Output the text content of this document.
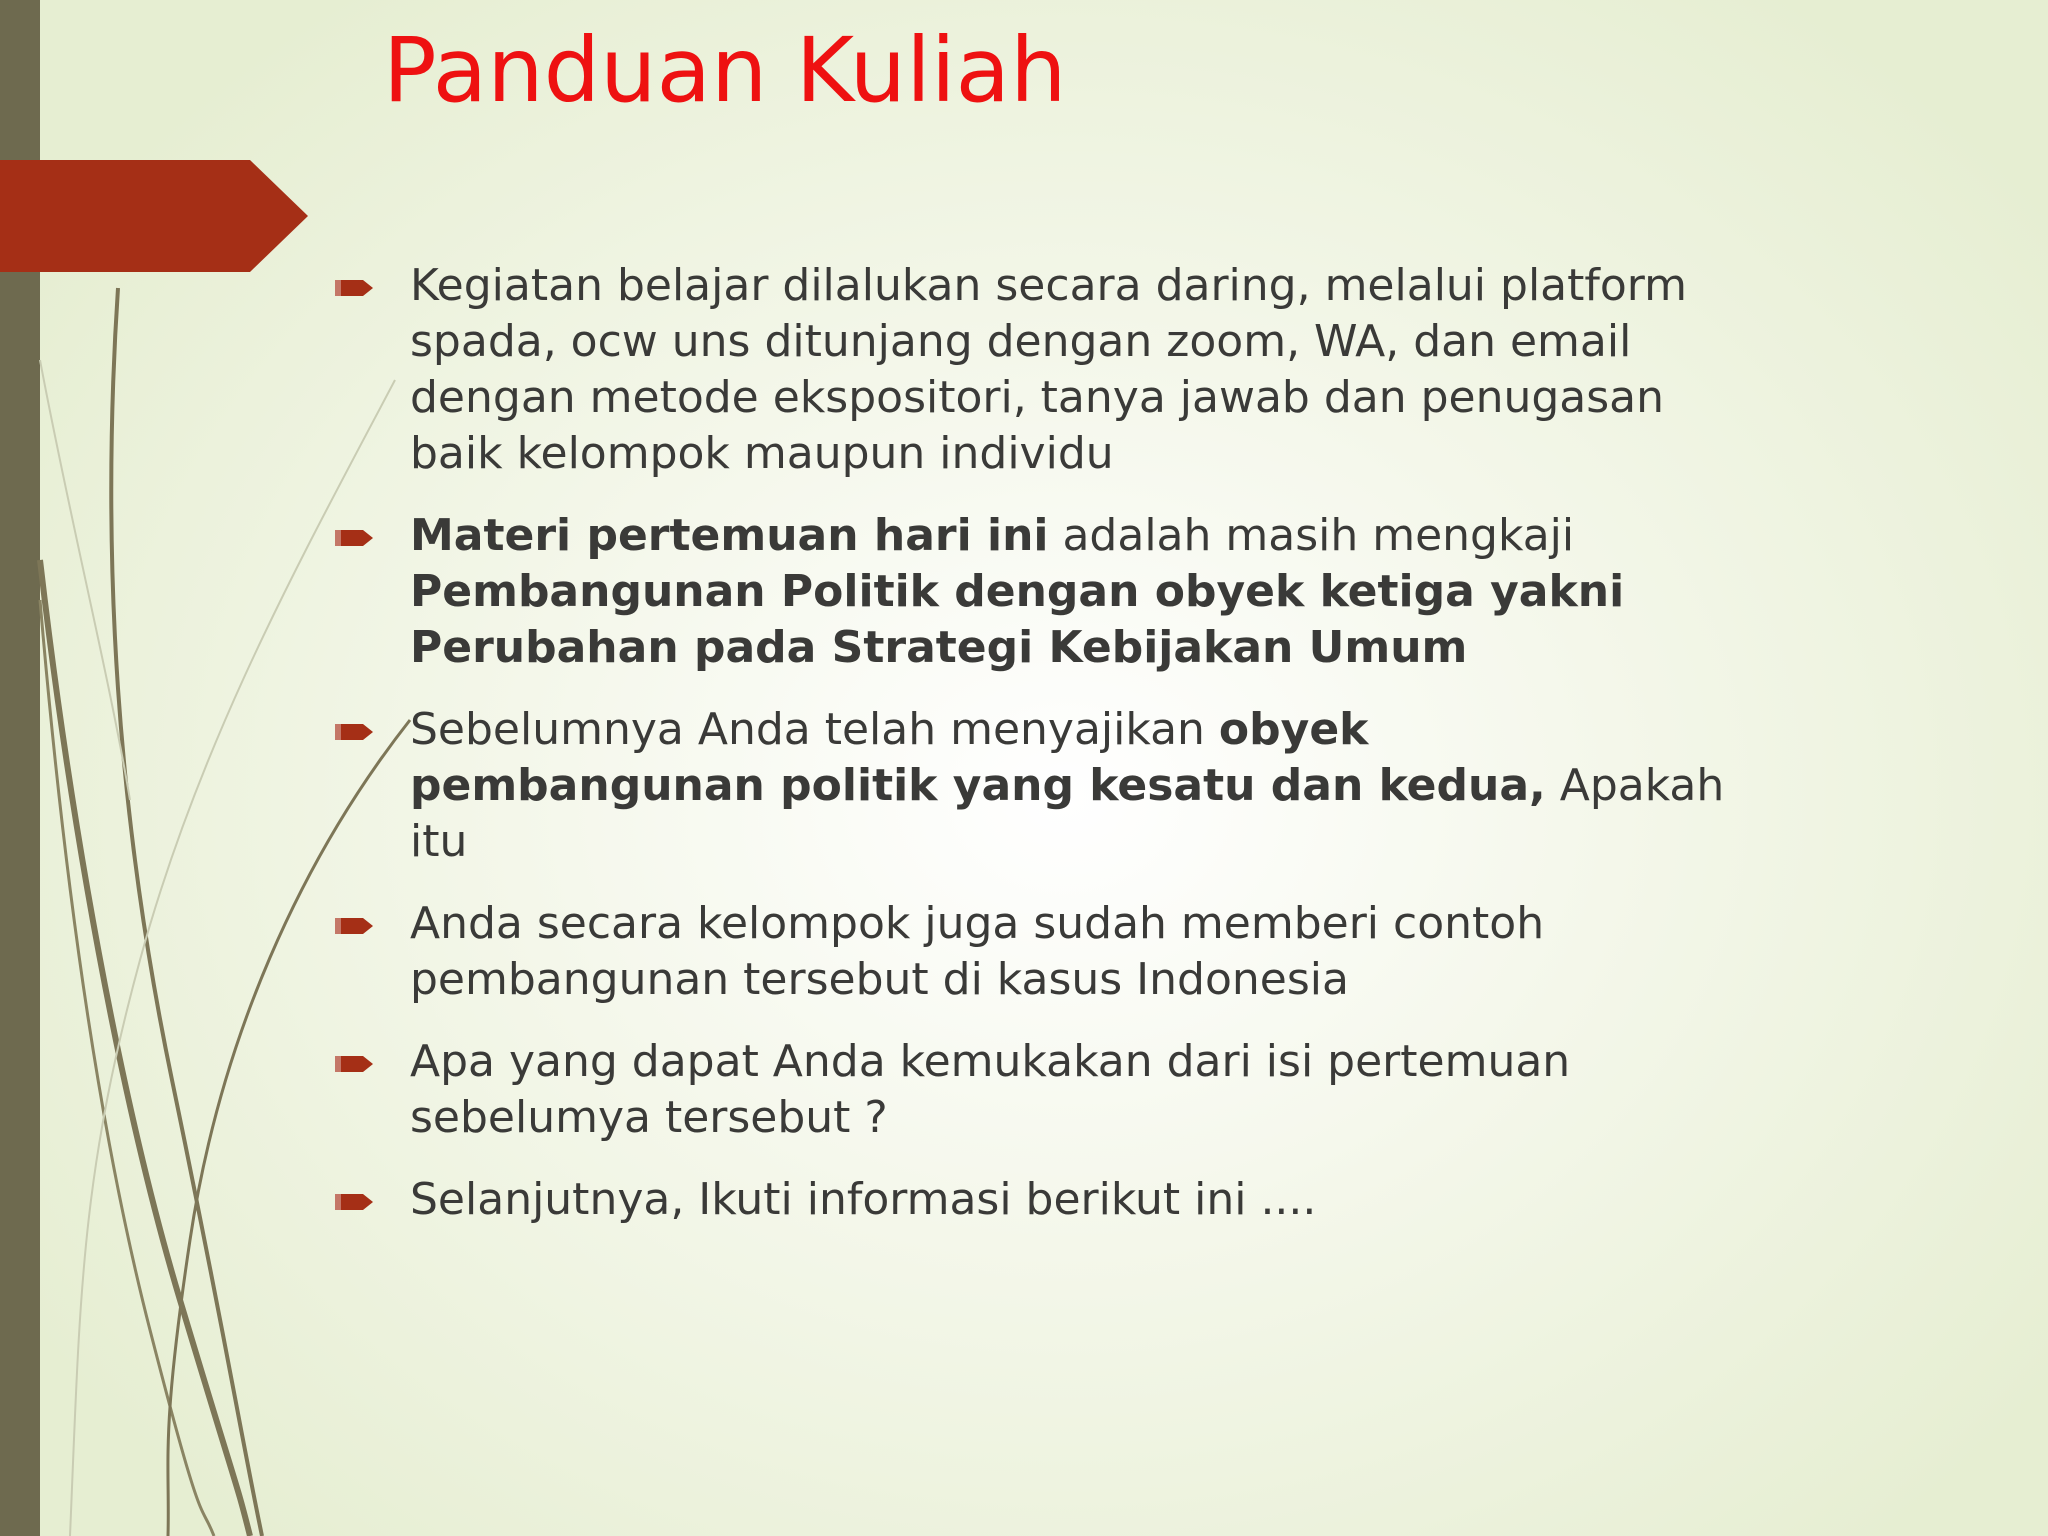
Panduan Kuliah
Kegiatan belajar dilalukan secara daring, melalui platform spada, ocw uns ditunjang dengan zoom, WA, dan email dengan metode ekspositori, tanya jawab dan penugasan baik kelompok maupun individu
Materi pertemuan hari ini adalah masih mengkaji Pembangunan Politik dengan obyek ketiga yakni Perubahan pada Strategi Kebijakan Umum
Sebelumnya Anda telah menyajikan obyek pembangunan politik yang kesatu dan kedua, Apakah itu
Anda secara kelompok juga sudah memberi contoh pembangunan tersebut di kasus Indonesia
Apa yang dapat Anda kemukakan dari isi pertemuan sebelumya tersebut ?
Selanjutnya, Ikuti informasi berikut ini ....
